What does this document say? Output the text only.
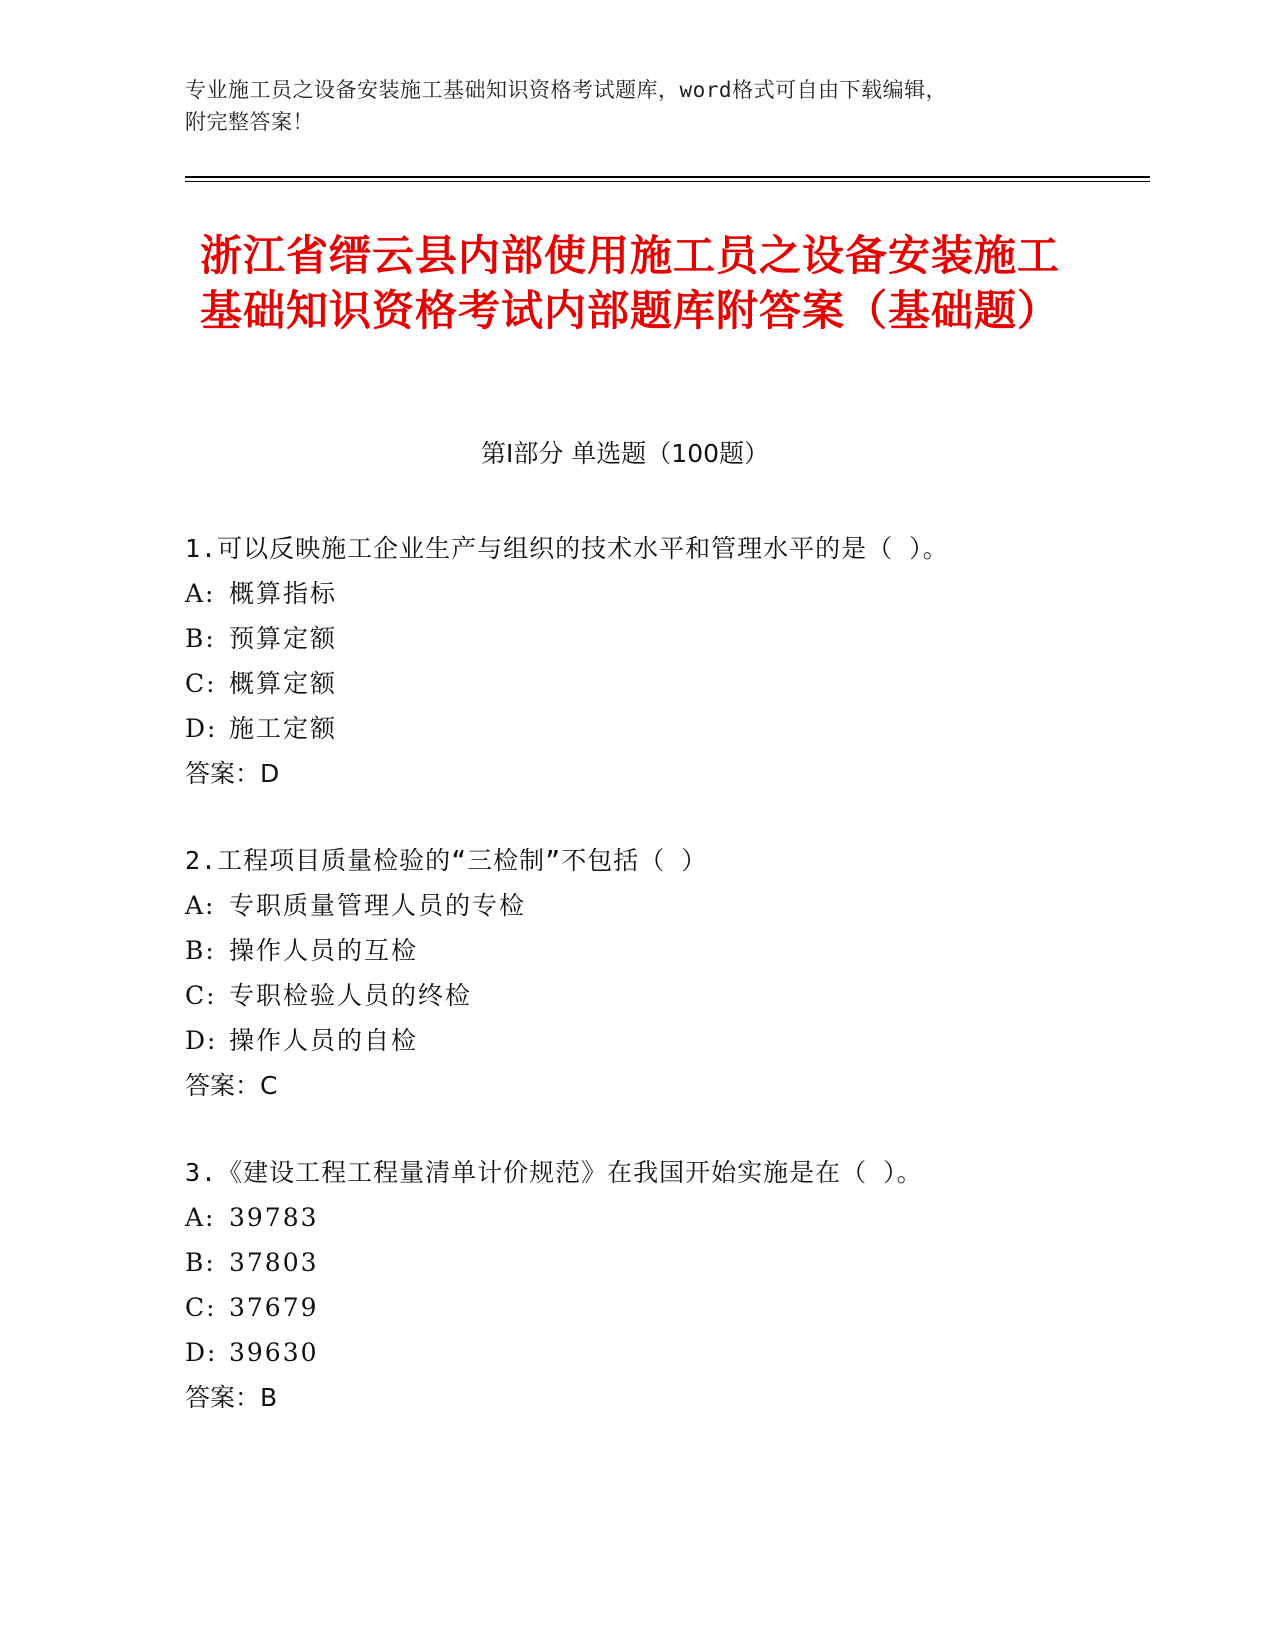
专业施工员之设备安装施工基础知识资格考试题库，word格式可自由下载编辑，
附完整答案！
浙江省缙云县内部使用施工员之设备安装施工基础知识资格考试内部题库附答案（基础题）
第I部分 单选题（100题）
1.可以反映施工企业生产与组织的技术水平和管理水平的是（ ）。
A: 概算指标
B: 预算定额
C: 概算定额
D: 施工定额
答案：D
2.工程项目质量检验的“三检制”不包括（ ）
A: 专职质量管理人员的专检
B: 操作人员的互检
C: 专职检验人员的终检
D: 操作人员的自检
答案：C
3.《建设工程工程量清单计价规范》在我国开始实施是在（ ）。
A: 39783
B: 37803
C: 37679
D: 39630
答案：B
